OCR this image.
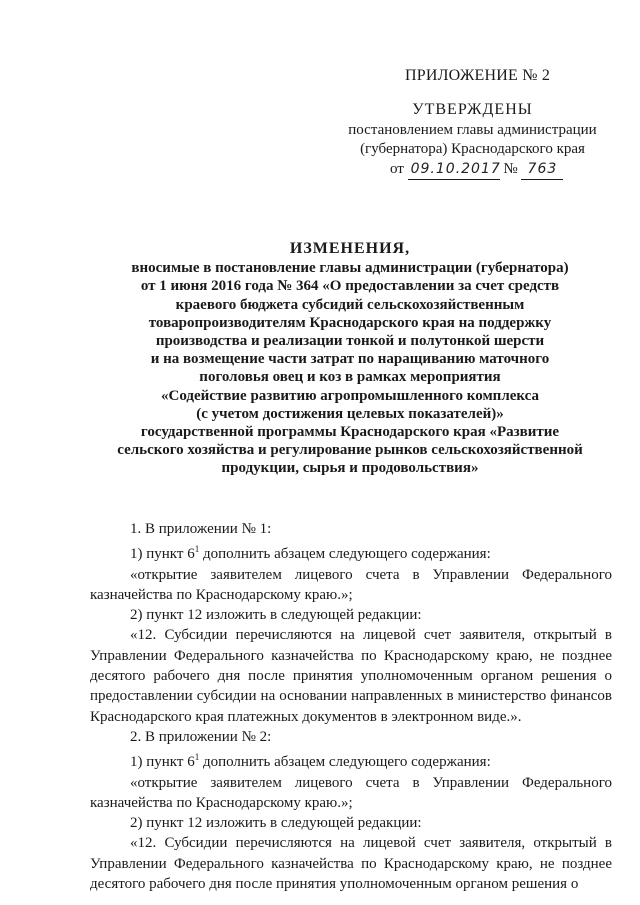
ПРИЛОЖЕНИЕ № 2
УТВЕРЖДЕНЫ
постановлением главы администрации
(губернатора) Краснодарского края
от 09.10.2017 № 763
ИЗМЕНЕНИЯ,
вносимые в постановление главы администрации (губернатора)
от 1 июня 2016 года № 364 «О предоставлении за счет средств
краевого бюджета субсидий сельскохозяйственным
товаропроизводителям Краснодарского края на поддержку
производства и реализации тонкой и полутонкой шерсти
и на возмещение части затрат по наращиванию маточного
поголовья овец и коз в рамках мероприятия
«Содействие развитию агропромышленного комплекса
(с учетом достижения целевых показателей)»
государственной программы Краснодарского края «Развитие
сельского хозяйства и регулирование рынков сельскохозяйственной
продукции, сырья и продовольствия»
1. В приложении № 1:
1) пункт $6^1$ дополнить абзацем следующего содержания:
«открытие заявителем лицевого счета в Управлении Федерального казначейства по Краснодарскому краю.»;
2) пункт 12 изложить в следующей редакции:
«12. Субсидии перечисляются на лицевой счет заявителя, открытый в Управлении Федерального казначейства по Краснодарскому краю, не позднее десятого рабочего дня после принятия уполномоченным органом решения о предоставлении субсидии на основании направленных в министерство финансов Краснодарского края платежных документов в электронном виде.».
2. В приложении № 2:
1) пункт $6^1$ дополнить абзацем следующего содержания:
«открытие заявителем лицевого счета в Управлении Федерального казначейства по Краснодарскому краю.»;
2) пункт 12 изложить в следующей редакции:
«12. Субсидии перечисляются на лицевой счет заявителя, открытый в Управлении Федерального казначейства по Краснодарскому краю, не позднее десятого рабочего дня после принятия уполномоченным органом решения о
